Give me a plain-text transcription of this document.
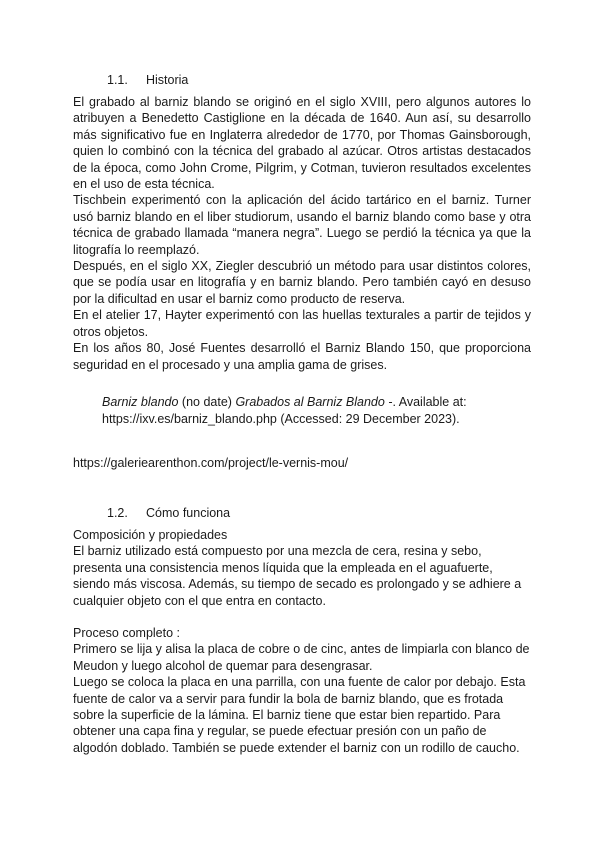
1.1. Historia

El grabado al barniz blando se originó en el siglo XVIII, pero algunos autores lo atribuyen a Benedetto Castiglione en la década de 1640. Aun así, su desarrollo más significativo fue en Inglaterra alrededor de 1770, por Thomas Gainsborough, quien lo combinó con la técnica del grabado al azúcar. Otros artistas destacados de la época, como John Crome, Pilgrim, y Cotman, tuvieron resultados excelentes en el uso de esta técnica.

Tischbein experimentó con la aplicación del ácido tartárico en el barniz. Turner usó barniz blando en el liber studiorum, usando el barniz blando como base y otra técnica de grabado llamada “manera negra”. Luego se perdió la técnica ya que la litografía lo reemplazó.

Después, en el siglo XX, Ziegler descubrió un método para usar distintos colores, que se podía usar en litografía y en barniz blando. Pero también cayó en desuso por la dificultad en usar el barniz como producto de reserva.

En el atelier 17, Hayter experimentó con las huellas texturales a partir de tejidos y otros objetos.

En los años 80, José Fuentes desarrolló el Barniz Blando 150, que proporciona seguridad en el procesado y una amplia gama de grises.

Barniz blando (no date) Grabados al Barniz Blando -. Available at: https://ixv.es/barniz_blando.php (Accessed: 29 December 2023).
https://galeriearenthon.com/project/le-vernis-mou/
1.2. Cómo funciona

Composición y propiedades

El barniz utilizado está compuesto por una mezcla de cera, resina y sebo, presenta una consistencia menos líquida que la empleada en el aguafuerte, siendo más viscosa. Además, su tiempo de secado es prolongado y se adhiere a cualquier objeto con el que entra en contacto.

Proceso completo :

Primero se lija y alisa la placa de cobre o de cinc, antes de limpiarla con blanco de Meudon y luego alcohol de quemar para desengrasar.

Luego se coloca la placa en una parrilla, con una fuente de calor por debajo. Esta fuente de calor va a servir para fundir la bola de barniz blando, que es frotada sobre la superficie de la lámina. El barniz tiene que estar bien repartido. Para obtener una capa fina y regular, se puede efectuar presión con un paño de algodón doblado. También se puede extender el barniz con un rodillo de caucho.
